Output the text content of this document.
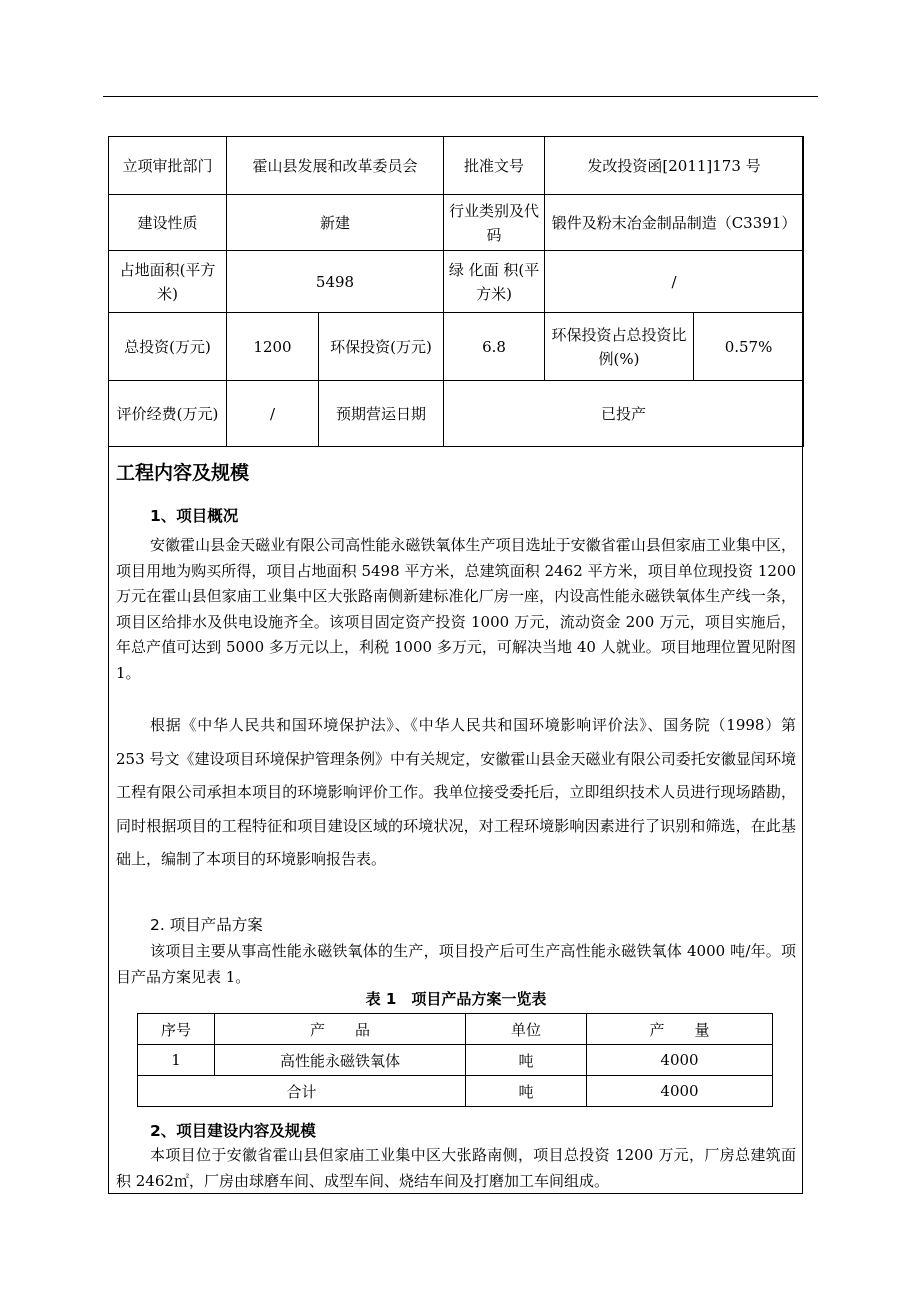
立项审批部门	霍山县发展和改革委员会		批准文号	发改投资函[2011]173 号	
建设性质	新建		行业类别及代码	锻件及粉末冶金制品制造（C3391）	
占地面积(平方米)	5498		绿 化面 积(平方米)	/	
总投资(万元)	1200	环保投资(万元)	6.8	环保投资占总投资比例(%)	0.57%
评价经费(万元)	/	预期营运日期	已投产		
工程内容及规模
1、项目概况

安徽霍山县金天磁业有限公司高性能永磁铁氧体生产项目选址于安徽省霍山县但家庙工业集中区，项目用地为购买所得，项目占地面积 5498 平方米，总建筑面积 2462 平方米，项目单位现投资 1200 万元在霍山县但家庙工业集中区大张路南侧新建标准化厂房一座，内设高性能永磁铁氧体生产线一条，项目区给排水及供电设施齐全。该项目固定资产投资 1000 万元，流动资金 200 万元，项目实施后，年总产值可达到 5000 多万元以上，利税 1000 多万元，可解决当地 40 人就业。项目地理位置见附图 1。

根据《中华人民共和国环境保护法》、《中华人民共和国环境影响评价法》、国务院（1998）第 253 号文《建设项目环境保护管理条例》中有关规定，安徽霍山县金天磁业有限公司委托安徽显闰环境工程有限公司承担本项目的环境影响评价工作。我单位接受委托后，立即组织技术人员进行现场踏勘，同时根据项目的工程特征和项目建设区域的环境状况，对工程环境影响因素进行了识别和筛选，在此基础上，编制了本项目的环境影响报告表。

2. 项目产品方案

该项目主要从事高性能永磁铁氧体的生产，项目投产后可生产高性能永磁铁氧体 4000 吨/年。项目产品方案见表 1。

表 1　项目产品方案一览表
序号	产　　品	单位	产　　量
1	高性能永磁铁氧体	吨	4000
合计		吨	4000
2、项目建设内容及规模

本项目位于安徽省霍山县但家庙工业集中区大张路南侧，项目总投资 1200 万元，厂房总建筑面积 2462㎡，厂房由球磨车间、成型车间、烧结车间及打磨加工车间组成。
